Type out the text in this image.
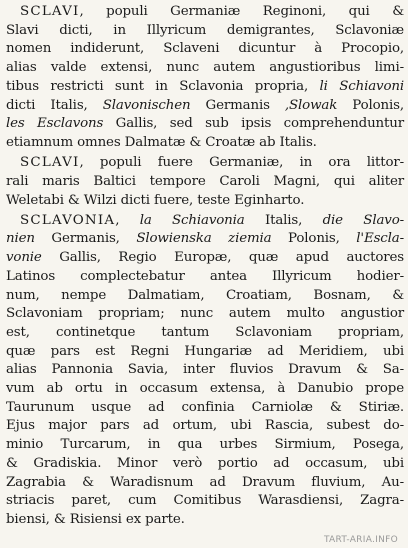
SCLAVI, populi Germaniæ Reginoni, qui &
Slavi dicti, in Illyricum demigrantes, Sclavoniæ
nomen indiderunt, Sclaveni dicuntur à Procopio,
alias valde extensi, nunc autem angustioribus limi-
tibus restricti sunt in Sclavonia propria, li Schiavoni
dicti Italis, Slavonischen Germanis ,Slowak Polonis,
les Esclavons Gallis, sed sub ipsis comprehenduntur
etiamnum omnes Dalmatæ & Croatæ ab Italis.
SCLAVI, populi fuere Germaniæ, in ora littor-
rali maris Baltici tempore Caroli Magni, qui aliter
Weletabi & Wilzi dicti fuere, teste Eginharto.
SCLAVONIA, la Schiavonia Italis, die Slavo-
nien Germanis, Slowienska ziemia Polonis, l'Escla-
vonie Gallis, Regio Europæ, quæ apud auctores
Latinos complectebatur antea Illyricum hodier-
num, nempe Dalmatiam, Croatiam, Bosnam, &
Sclavoniam propriam; nunc autem multo angustior
est, continetque tantum Sclavoniam propriam,
quæ pars est Regni Hungariæ ad Meridiem, ubi
alias Pannonia Savia, inter fluvios Dravum & Sa-
vum ab ortu in occasum extensa, à Danubio prope
Taurunum usque ad confinia Carniolæ & Stiriæ.
Ejus major pars ad ortum, ubi Rascia, subest do-
minio Turcarum, in qua urbes Sirmium, Posega,
& Gradiskia. Minor verò portio ad occasum, ubi
Zagrabia & Waradisnum ad Dravum fluvium, Au-
striacis paret, cum Comitibus Warasdiensi, Zagra-
biensi, & Risiensi ex parte.
TART-ARIA.INFO
